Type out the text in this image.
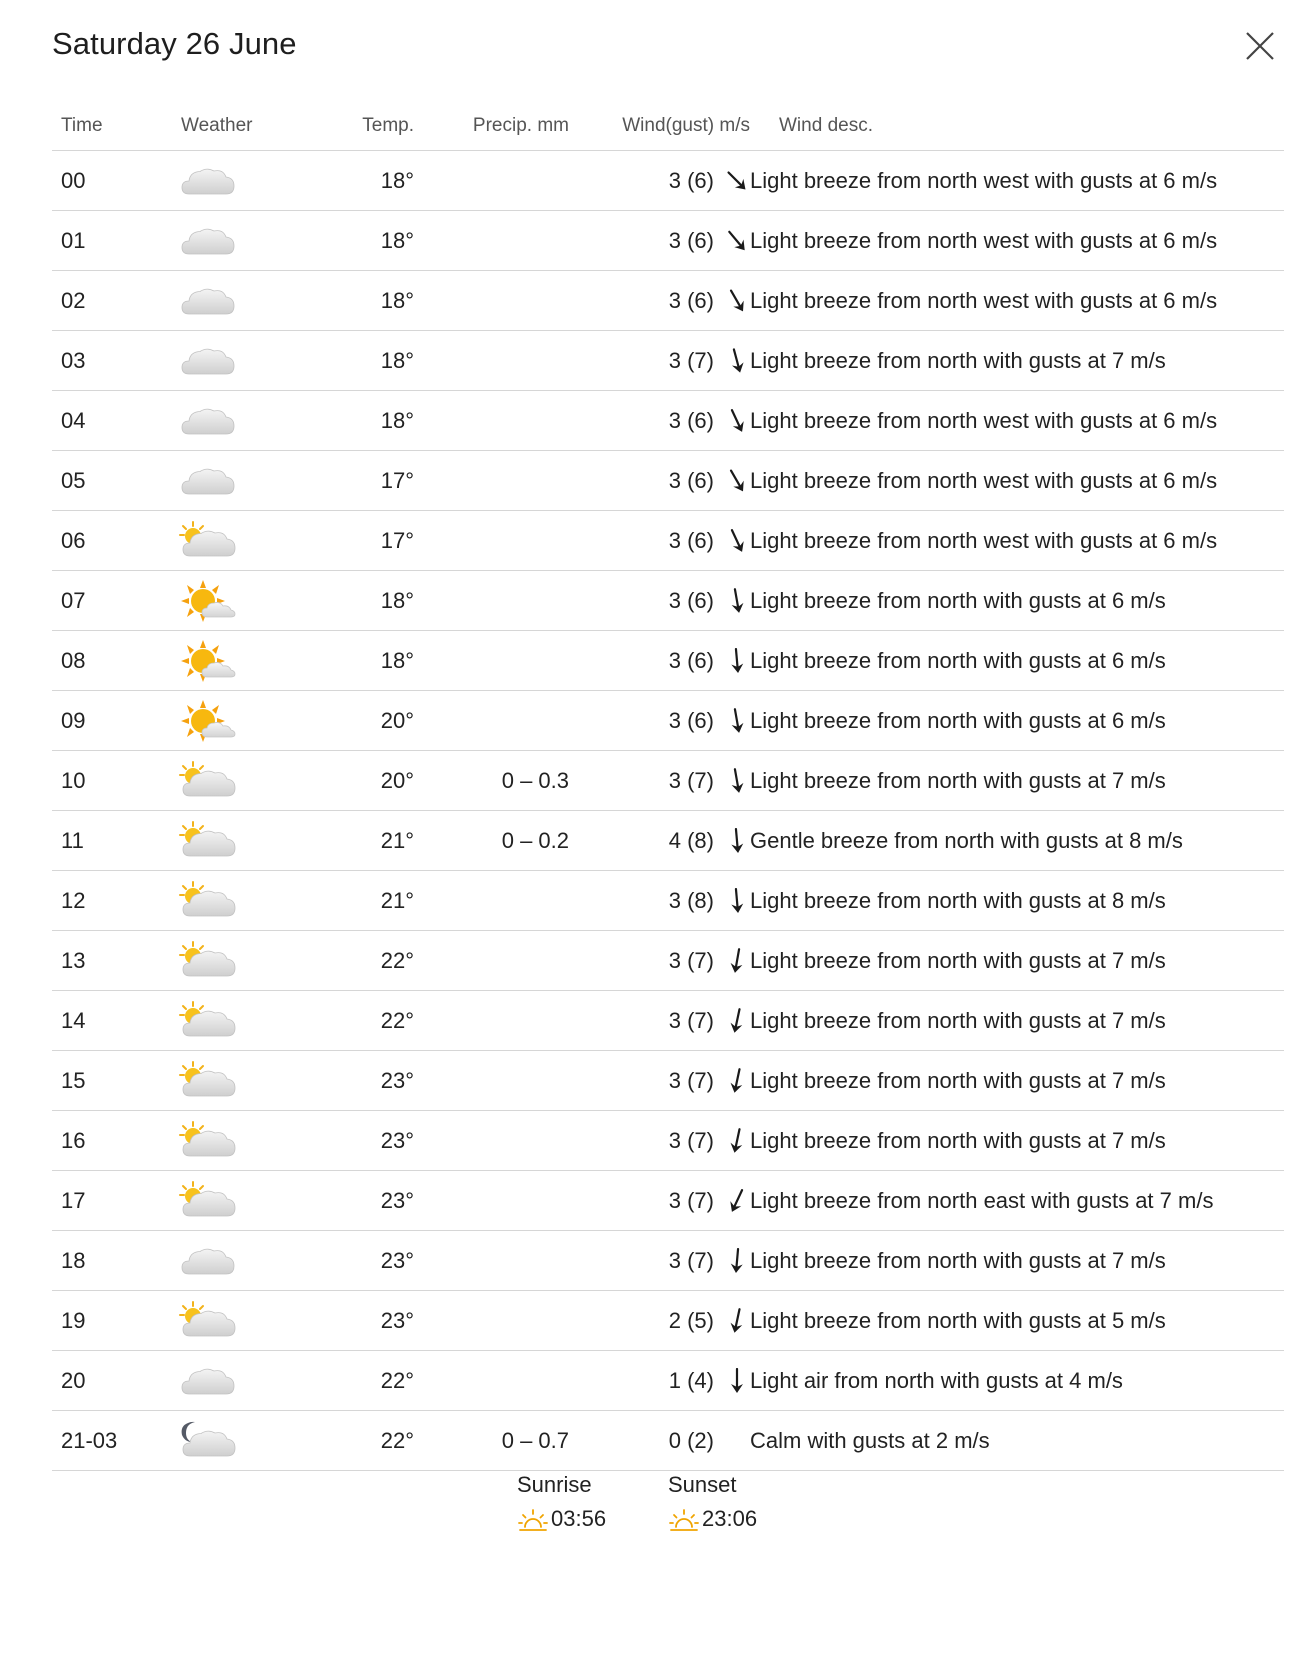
Saturday 26 June
Time	Weather	Temp.	Precip. mm	Wind(gust) m/s	Wind desc.
00		18°		3 (6)	Light breeze from north west with gusts at 6 m/s
01		18°		3 (6)	Light breeze from north west with gusts at 6 m/s
02		18°		3 (6)	Light breeze from north west with gusts at 6 m/s
03		18°		3 (7)	Light breeze from north with gusts at 7 m/s
04		18°		3 (6)	Light breeze from north west with gusts at 6 m/s
05		17°		3 (6)	Light breeze from north west with gusts at 6 m/s
06		17°		3 (6)	Light breeze from north west with gusts at 6 m/s
07		18°		3 (6)	Light breeze from north with gusts at 6 m/s
08		18°		3 (6)	Light breeze from north with gusts at 6 m/s
09		20°		3 (6)	Light breeze from north with gusts at 6 m/s
10		20°	0 – 0.3	3 (7)	Light breeze from north with gusts at 7 m/s
11		21°	0 – 0.2	4 (8)	Gentle breeze from north with gusts at 8 m/s
12		21°		3 (8)	Light breeze from north with gusts at 8 m/s
13		22°		3 (7)	Light breeze from north with gusts at 7 m/s
14		22°		3 (7)	Light breeze from north with gusts at 7 m/s
15		23°		3 (7)	Light breeze from north with gusts at 7 m/s
16		23°		3 (7)	Light breeze from north with gusts at 7 m/s
17		23°		3 (7)	Light breeze from north east with gusts at 7 m/s
18		23°		3 (7)	Light breeze from north with gusts at 7 m/s
19		23°		2 (5)	Light breeze from north with gusts at 5 m/s
20		22°		1 (4)	Light air from north with gusts at 4 m/s
21-03		22°	0 – 0.7	0 (2)	Calm with gusts at 2 m/s
Sunrise
03:56
Sunset
23:06
